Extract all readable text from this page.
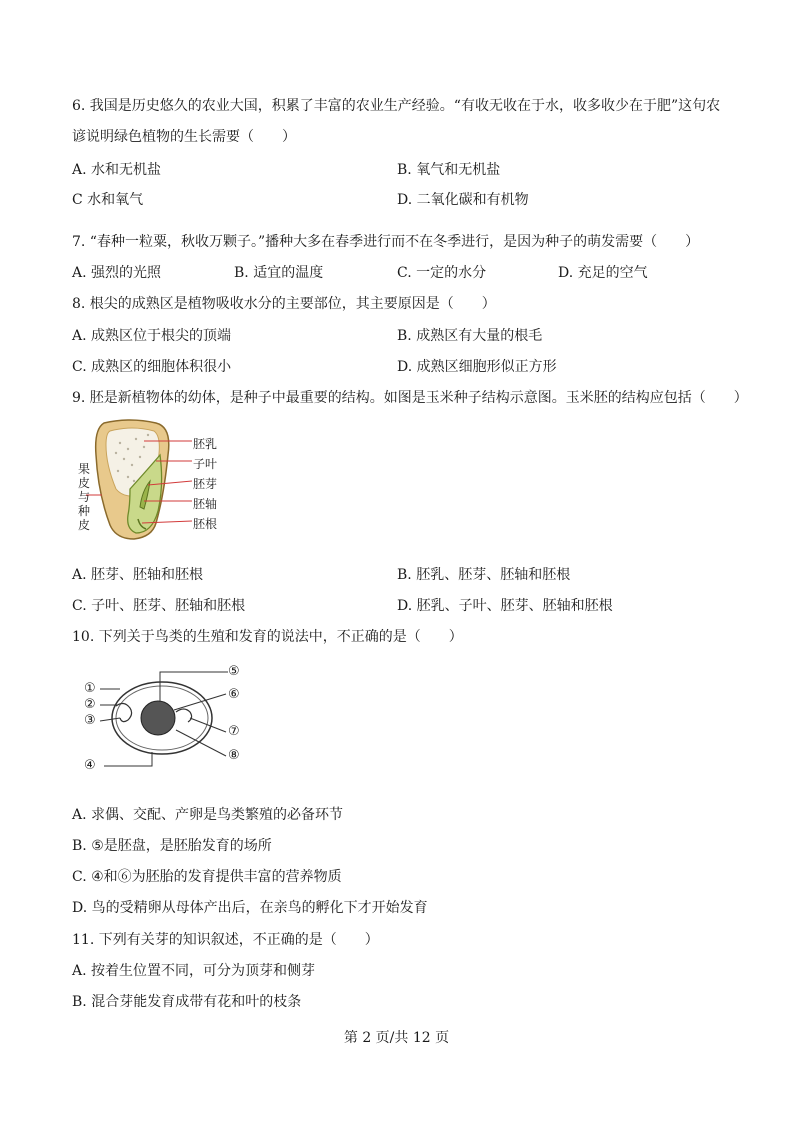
6. 我国是历史悠久的农业大国，积累了丰富的农业生产经验。“有收无收在于水，收多收少在于肥”这句农
谚说明绿色植物的生长需要（　　）
A. 水和无机盐	B. 氧气和无机盐
C 水和氧气	D. 二氧化碳和有机物
7. “春种一粒粟，秋收万颗子。”播种大多在春季进行而不在冬季进行，是因为种子的萌发需要（　　）
A. 强烈的光照	B. 适宜的温度	C. 一定的水分	D. 充足的空气
8. 根尖的成熟区是植物吸收水分的主要部位，其主要原因是（　　）
A. 成熟区位于根尖的顶端	B. 成熟区有大量的根毛
C. 成熟区的细胞体积很小	D. 成熟区细胞形似正方形
9. 胚是新植物体的幼体，是种子中最重要的结构。如图是玉米种子结构示意图。玉米胚的结构应包括（　　）
果
皮
与
种
皮
胚乳
子叶
胚芽
胚轴
胚根
A. 胚芽、胚轴和胚根	B. 胚乳、胚芽、胚轴和胚根
C. 子叶、胚芽、胚轴和胚根	D. 胚乳、子叶、胚芽、胚轴和胚根
10. 下列关于鸟类的生殖和发育的说法中，不正确的是（　　）
①
②
③
④
⑤
⑥
⑦
⑧
A. 求偶、交配、产卵是鸟类繁殖的必备环节
B. ⑤是胚盘，是胚胎发育的场所
C. ④和⑥为胚胎的发育提供丰富的营养物质
D. 鸟的受精卵从母体产出后，在亲鸟的孵化下才开始发育
11. 下列有关芽的知识叙述，不正确的是（　　）
A. 按着生位置不同，可分为顶芽和侧芽
B. 混合芽能发育成带有花和叶的枝条
第 2 页/共 12 页
